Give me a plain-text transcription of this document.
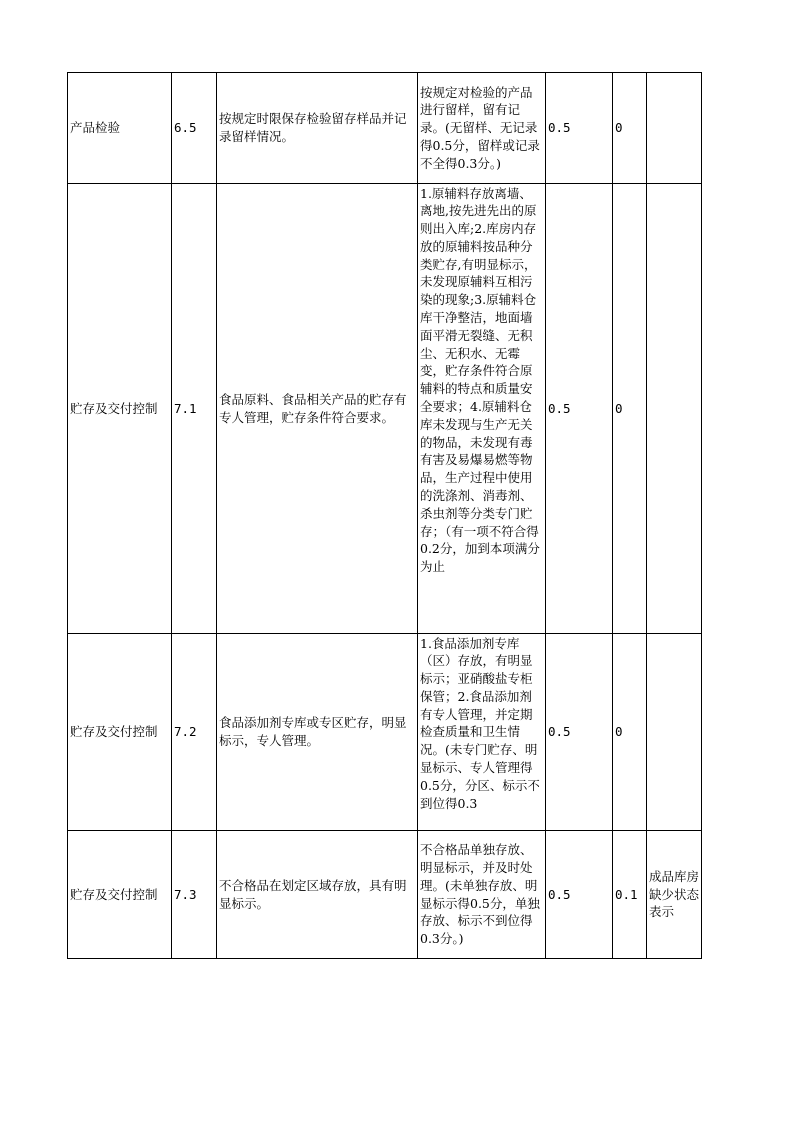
产品检验	6.5	按规定时限保存检验留存样品并记录留样情况。	按规定对检验的产品进行留样，留有记录。(无留样、无记录得0.5分，留样或记录不全得0.3分。)	0.5	0	
贮存及交付控制	7.1	食品原料、食品相关产品的贮存有专人管理，贮存条件符合要求。	1.原辅料存放离墙、离地,按先进先出的原则出入库;2.库房内存放的原辅料按品种分类贮存,有明显标示，未发现原辅料互相污染的现象;3.原辅料仓库干净整洁，地面墙面平滑无裂缝、无积尘、无积水、无霉变，贮存条件符合原辅料的特点和质量安全要求；4.原辅料仓库未发现与生产无关的物品，未发现有毒有害及易爆易燃等物品，生产过程中使用的洗涤剂、消毒剂、杀虫剂等分类专门贮存；（有一项不符合得0.2分，加到本项满分为止	0.5	0	
贮存及交付控制	7.2	食品添加剂专库或专区贮存，明显标示，专人管理。	1.食品添加剂专库（区）存放，有明显标示；亚硝酸盐专柜保管；2.食品添加剂有专人管理，并定期检查质量和卫生情况。(未专门贮存、明显标示、专人管理得0.5分，分区、标示不到位得0.3	0.5	0	
贮存及交付控制	7.3	不合格品在划定区域存放，具有明显标示。	不合格品单独存放、明显标示，并及时处理。(未单独存放、明显标示得0.5分，单独存放、标示不到位得0.3分。)	0.5	0.1	成品库房缺少状态表示
